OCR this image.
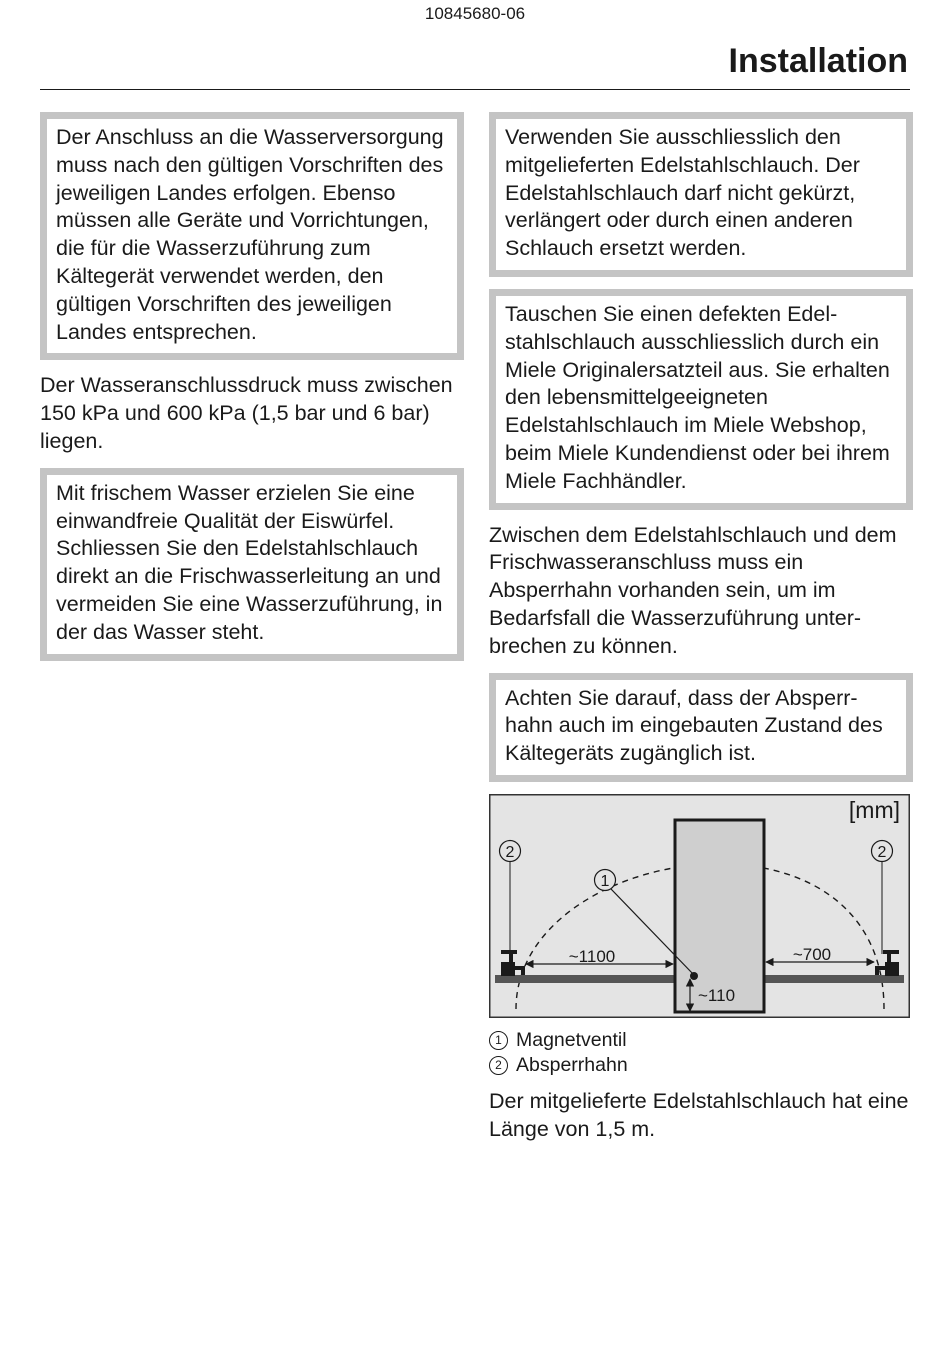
10845680-06
Installation
Der Anschluss an die Wasserversorgung muss nach den gültigen Vorschriften des jeweiligen Landes erfolgen. Ebenso müssen alle Geräte und Vorrichtungen, die für die Wasserzuführung zum Kältegerät verwendet werden, den gültigen Vorschriften des jeweiligen Landes entsprechen.

Der Wasseranschlussdruck muss zwischen 150 kPa und 600 kPa (1,5 bar und 6 bar) liegen.

Mit frischem Wasser erzielen Sie eine einwandfreie Qualität der Eiswürfel. Schliessen Sie den Edelstahlschlauch direkt an die Frischwasserleitung an und vermeiden Sie eine Wasserzuführung, in der das Wasser steht.
Verwenden Sie ausschliesslich den mitgelieferten Edelstahlschlauch. Der Edelstahlschlauch darf nicht gekürzt, verlängert oder durch einen anderen Schlauch ersetzt werden.
Tauschen Sie einen defekten Edelstahlschlauch ausschliesslich durch ein Miele Originalersatzteil aus. Sie erhalten den lebensmittelgeeigneten Edelstahlschlauch im Miele Webshop, beim Miele Kundendienst oder bei ihrem Miele Fachhändler.

Zwischen dem Edelstahlschlauch und dem Frischwasseranschluss muss ein Absperrhahn vorhanden sein, um im Bedarfsfall die Wasserzuführung unterbrechen zu können.

Achten Sie darauf, dass der Absperrhahn auch im eingebauten Zustand des Kältegeräts zugänglich ist.
[mm]
2	2
1
~1100	~700
~110
1 Magnetventil
2 Absperrhahn

Der mitgelieferte Edelstahlschlauch hat eine Länge von 1,5 m.
